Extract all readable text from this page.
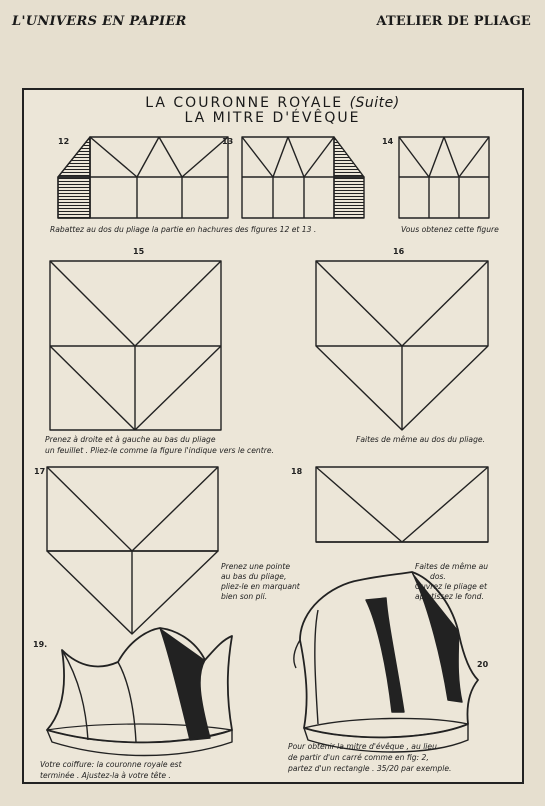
L'UNIVERS EN PAPIER	ATELIER DE PLIAGE
LA COURONNE ROYALE (Suite)
LA MITRE D'ÉVÊQUE
12	13	14
15	16
17	18
19.
20
Rabattez au dos du pliage la partie en hachures des figures 12 et 13 .	Vous obtenez cette figure
Prenez à droite et à gauche au bas du pliage
un feuillet . Pliez-le comme la figure l'indique vers le centre.
Faites de même au dos du pliage.
Prenez une pointe
au bas du pliage,
pliez-le en marquant
bien son pli.
Faites de même au
dos.
Ouvrez le pliage et
aplatissez le fond.
Votre coiffure: la couronne royale est
terminée . Ajustez-la à votre tête .
Pour obtenir la mitre d'évêque , au lieu
de partir d'un carré comme en fig: 2,
partez d'un rectangle . 35/20 par exemple.
